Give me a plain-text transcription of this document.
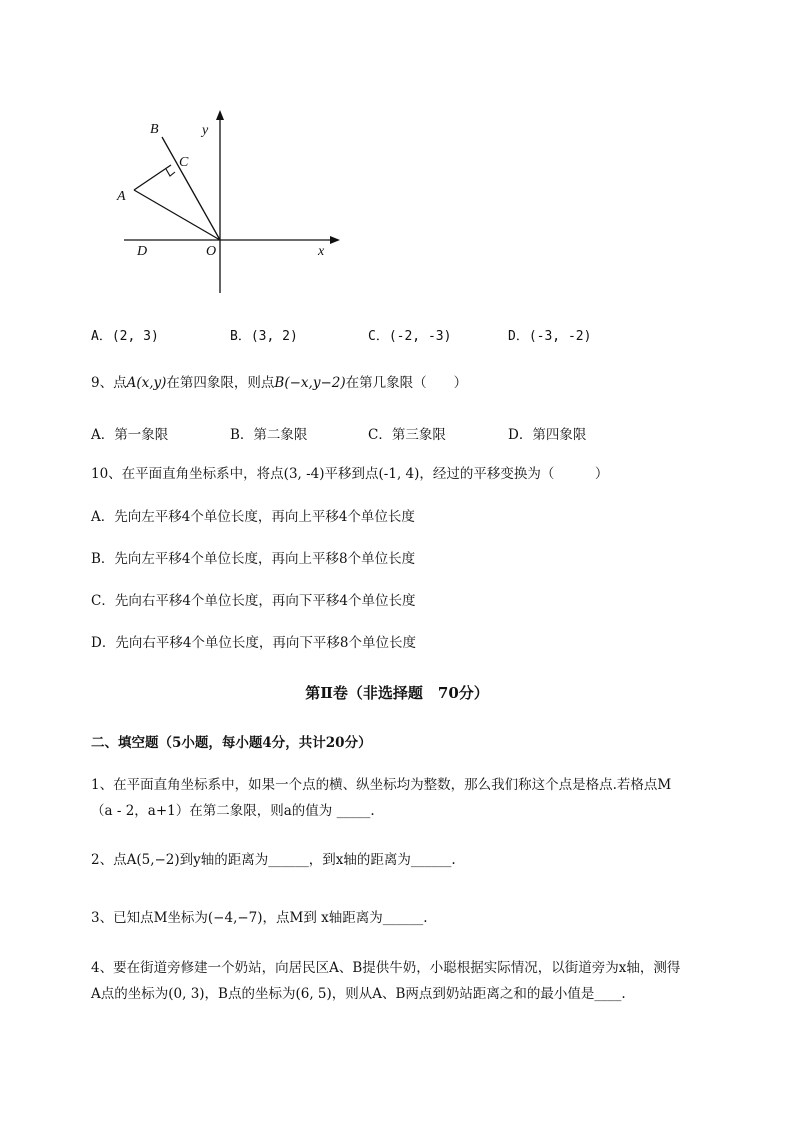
B	y
C
A
D	O	x
A．(2, 3)	B．(3, 2)	C．(-2, -3)	D．(-3, -2)
9、点A(x,y)在第四象限，则点B(−x,y−2)在第几象限（　　）
A．第一象限	B．第二象限	C．第三象限	D．第四象限
10、在平面直角坐标系中，将点(3, -4)平移到点(-1, 4)，经过的平移变换为（　　　）
A．先向左平移4个单位长度，再向上平移4个单位长度
B．先向左平移4个单位长度，再向上平移8个单位长度
C．先向右平移4个单位长度，再向下平移4个单位长度
D．先向右平移4个单位长度，再向下平移8个单位长度
第Ⅱ卷（非选择题　70分）
二、填空题（5小题，每小题4分，共计20分）
1、在平面直角坐标系中，如果一个点的横、纵坐标均为整数，那么我们称这个点是格点.若格点M
（a - 2，a+1）在第二象限，则a的值为 _____.
2、点A(5,−2)到y轴的距离为______，到x轴的距离为______.
3、已知点M坐标为(−4,−7)，点M到 x轴距离为______.
4、要在街道旁修建一个奶站，向居民区A、B提供牛奶，小聪根据实际情况，以街道旁为x轴，测得
A点的坐标为(0, 3)，B点的坐标为(6, 5)，则从A、B两点到奶站距离之和的最小值是____.
